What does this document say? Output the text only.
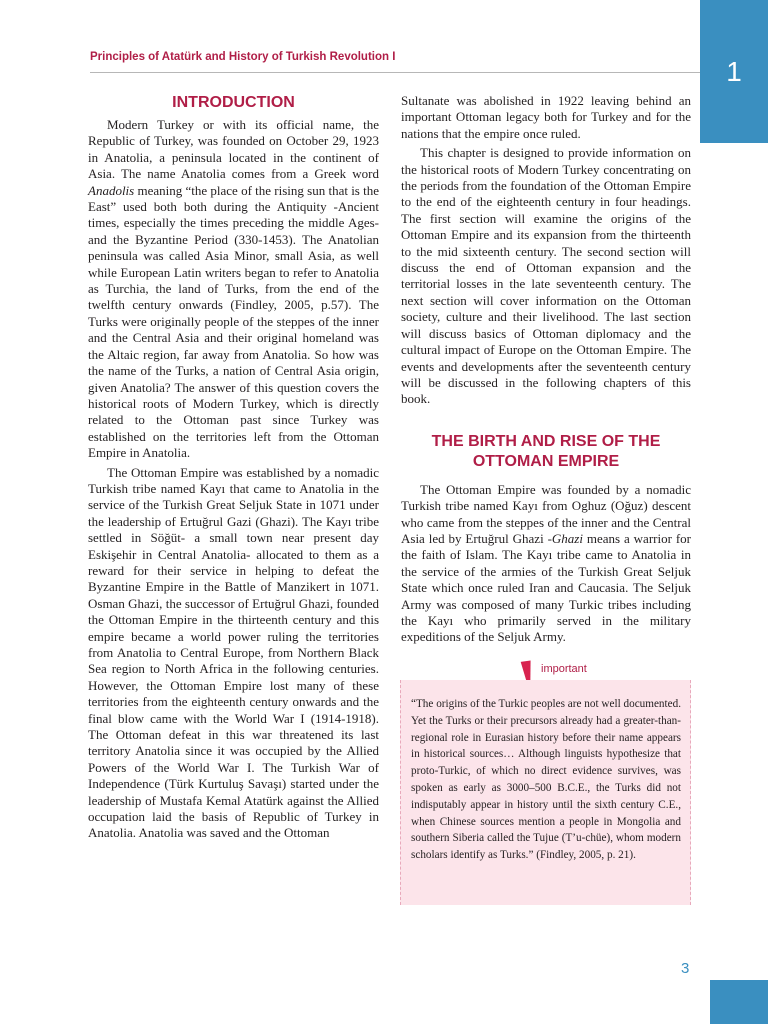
1
Principles of Atatürk and History of Turkish Revolution I
INTRODUCTION

Modern Turkey or with its official name, the Republic of Turkey, was founded on October 29, 1923 in Anatolia, a peninsula located in the continent of Asia. The name Anatolia comes from a Greek word Anadolis meaning “the place of the rising sun that is the East” used both both during the Antiquity -Ancient times, especially the times preceding the middle Ages- and the Byzantine Period (330-1453). The Anatolian peninsula was called Asia Minor, small Asia, as well while European Latin writers began to refer to Anatolia as Turchia, the land of Turks, from the end of the twelfth century onwards (Findley, 2005, p.57). The Turks were originally people of the steppes of the inner and the Central Asia and their original homeland was the Altaic region, far away from Anatolia. So how was the name of the Turks, a nation of Central Asia origin, given Anatolia? The answer of this question covers the historical roots of Modern Turkey, which is directly related to the Ottoman past since Turkey was established on the territories left from the Ottoman Empire in Anatolia.

The Ottoman Empire was established by a nomadic Turkish tribe named Kayı that came to Anatolia in the service of the Turkish Great Seljuk State in 1071 under the leadership of Ertuğrul Gazi (Ghazi). The Kayı tribe settled in Söğüt- a small town near present day Eskişehir in Central Anatolia- allocated to them as a reward for their service in helping to defeat the Byzantine Empire in the Battle of Manzikert in 1071. Osman Ghazi, the successor of Ertuğrul Ghazi, founded the Ottoman Empire in the thirteenth century and this empire became a world power ruling the territories from Anatolia to Central Europe, from Northern Black Sea region to North Africa in the following centuries. However, the Ottoman Empire lost many of these territories from the eighteenth century onwards and the final blow came with the World War I (1914-1918). The Ottoman defeat in this war threatened its last territory Anatolia since it was occupied by the Allied Powers of the World War I. The Turkish War of Independence (Türk Kurtuluş Savaşı) started under the leadership of Mustafa Kemal Atatürk against the Allied occupation laid the basis of Republic of Turkey in Anatolia. Anatolia was saved and the Ottoman

Sultanate was abolished in 1922 leaving behind an important Ottoman legacy both for Turkey and for the nations that the empire once ruled.

This chapter is designed to provide information on the historical roots of Modern Turkey concentrating on the periods from the foundation of the Ottoman Empire to the end of the eighteenth century in four headings. The first section will examine the origins of the Ottoman Empire and its expansion from the thirteenth to the mid sixteenth century. The second section will discuss the end of Ottoman expansion and the territorial losses in the late seventeenth century. The next section will cover information on the Ottoman society, culture and their livelihood. The last section will discuss basics of Ottoman diplomacy and the cultural impact of Europe on the Ottoman Empire. The events and developments after the seventeenth century will be discussed in the following chapters of this book.

THE BIRTH AND RISE OF THE
OTTOMAN EMPIRE

The Ottoman Empire was founded by a nomadic Turkish tribe named Kayı from Oghuz (Oğuz) descent who came from the steppes of the inner and the Central Asia led by Ertuğrul Ghazi -Ghazi means a warrior for the faith of Islam. The Kayı tribe came to Anatolia in the service of the armies of the Turkish Great Seljuk State which once ruled Iran and Caucasia. The Seljuk Army was composed of many Turkic tribes including the Kayı who primarily served in the military expeditions of the Seljuk Army.

important
“The origins of the Turkic peoples are not well documented. Yet the Turks or their precursors already had a greater-than-regional role in Eurasian history before their name appears in historical sources… Although linguists hypothesize that proto-Turkic, of which no direct evidence survives, was spoken as early as 3000–500 B.C.E., the Turks did not indisputably appear in history until the sixth century C.E., when Chinese sources mention a people in Mongolia and southern Siberia called the Tujue (T’u-chüe), whom modern scholars identify as Turks.” (Findley, 2005, p. 21).
3
